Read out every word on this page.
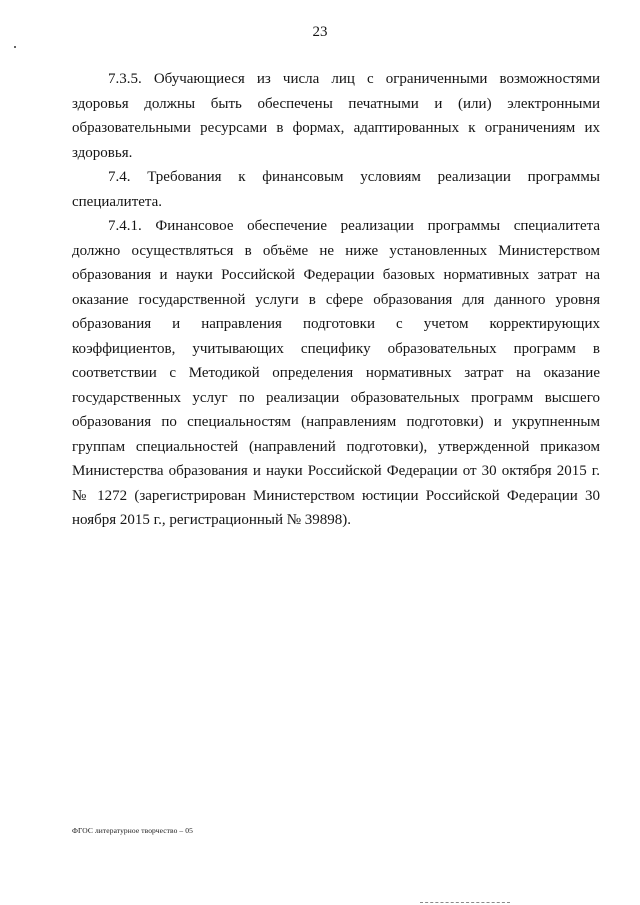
23

7.3.5. Обучающиеся из числа лиц с ограниченными возможностями здоровья должны быть обеспечены печатными и (или) электронными образовательными ресурсами в формах, адаптированных к ограничениям их здоровья.

7.4. Требования к финансовым условиям реализации программы специалитета.

7.4.1. Финансовое обеспечение реализации программы специалитета должно осуществляться в объёме не ниже установленных Министерством образования и науки Российской Федерации базовых нормативных затрат на оказание государственной услуги в сфере образования для данного уровня образования и направления подготовки с учетом корректирующих коэффициентов, учитывающих специфику образовательных программ в соответствии с Методикой определения нормативных затрат на оказание государственных услуг по реализации образовательных программ высшего образования по специальностям (направлениям подготовки) и укрупненным группам специальностей (направлений подготовки), утвержденной приказом Министерства образования и науки Российской Федерации от 30 октября 2015 г. № 1272 (зарегистрирован Министерством юстиции Российской Федерации 30 ноября 2015 г., регистрационный № 39898).

ФГОС литературное творчество – 05
